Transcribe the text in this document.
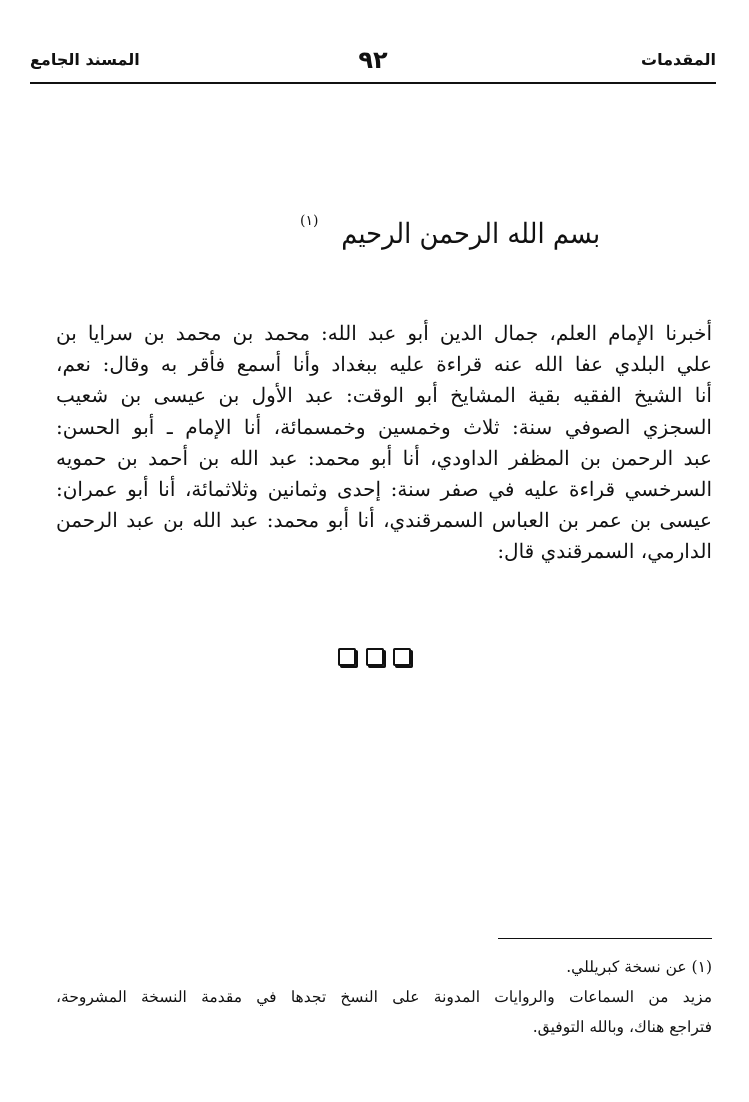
المقدمات
٩٢
المسند الجامع
بسم الله الرحمن الرحيم
(١)
أخبرنا الإمام العلم، جمال الدين أبو عبد الله: محمد بن محمد بن سرايا بن
علي البلدي عفا الله عنه قراءة عليه ببغداد وأنا أسمع فأقر به وقال: نعم،
أنا الشيخ الفقيه بقية المشايخ أبو الوقت: عبد الأول بن عيسى بن شعيب
السجزي الصوفي سنة: ثلاث وخمسين وخمسمائة، أنا الإمام ـ أبو الحسن:
عبد الرحمن بن المظفر الداودي، أنا أبو محمد: عبد الله بن أحمد بن حمويه
السرخسي قراءة عليه في صفر سنة: إحدى وثمانين وثلاثمائة، أنا أبو عمران:
عيسى بن عمر بن العباس السمرقندي، أنا أبو محمد: عبد الله بن عبد الرحمن
الدارمي، السمرقندي قال:

(١) عن نسخة كبريللي.
مزيد من السماعات والروايات المدونة على النسخ تجدها في مقدمة النسخة المشروحة،
فتراجع هناك، وبالله التوفيق.
